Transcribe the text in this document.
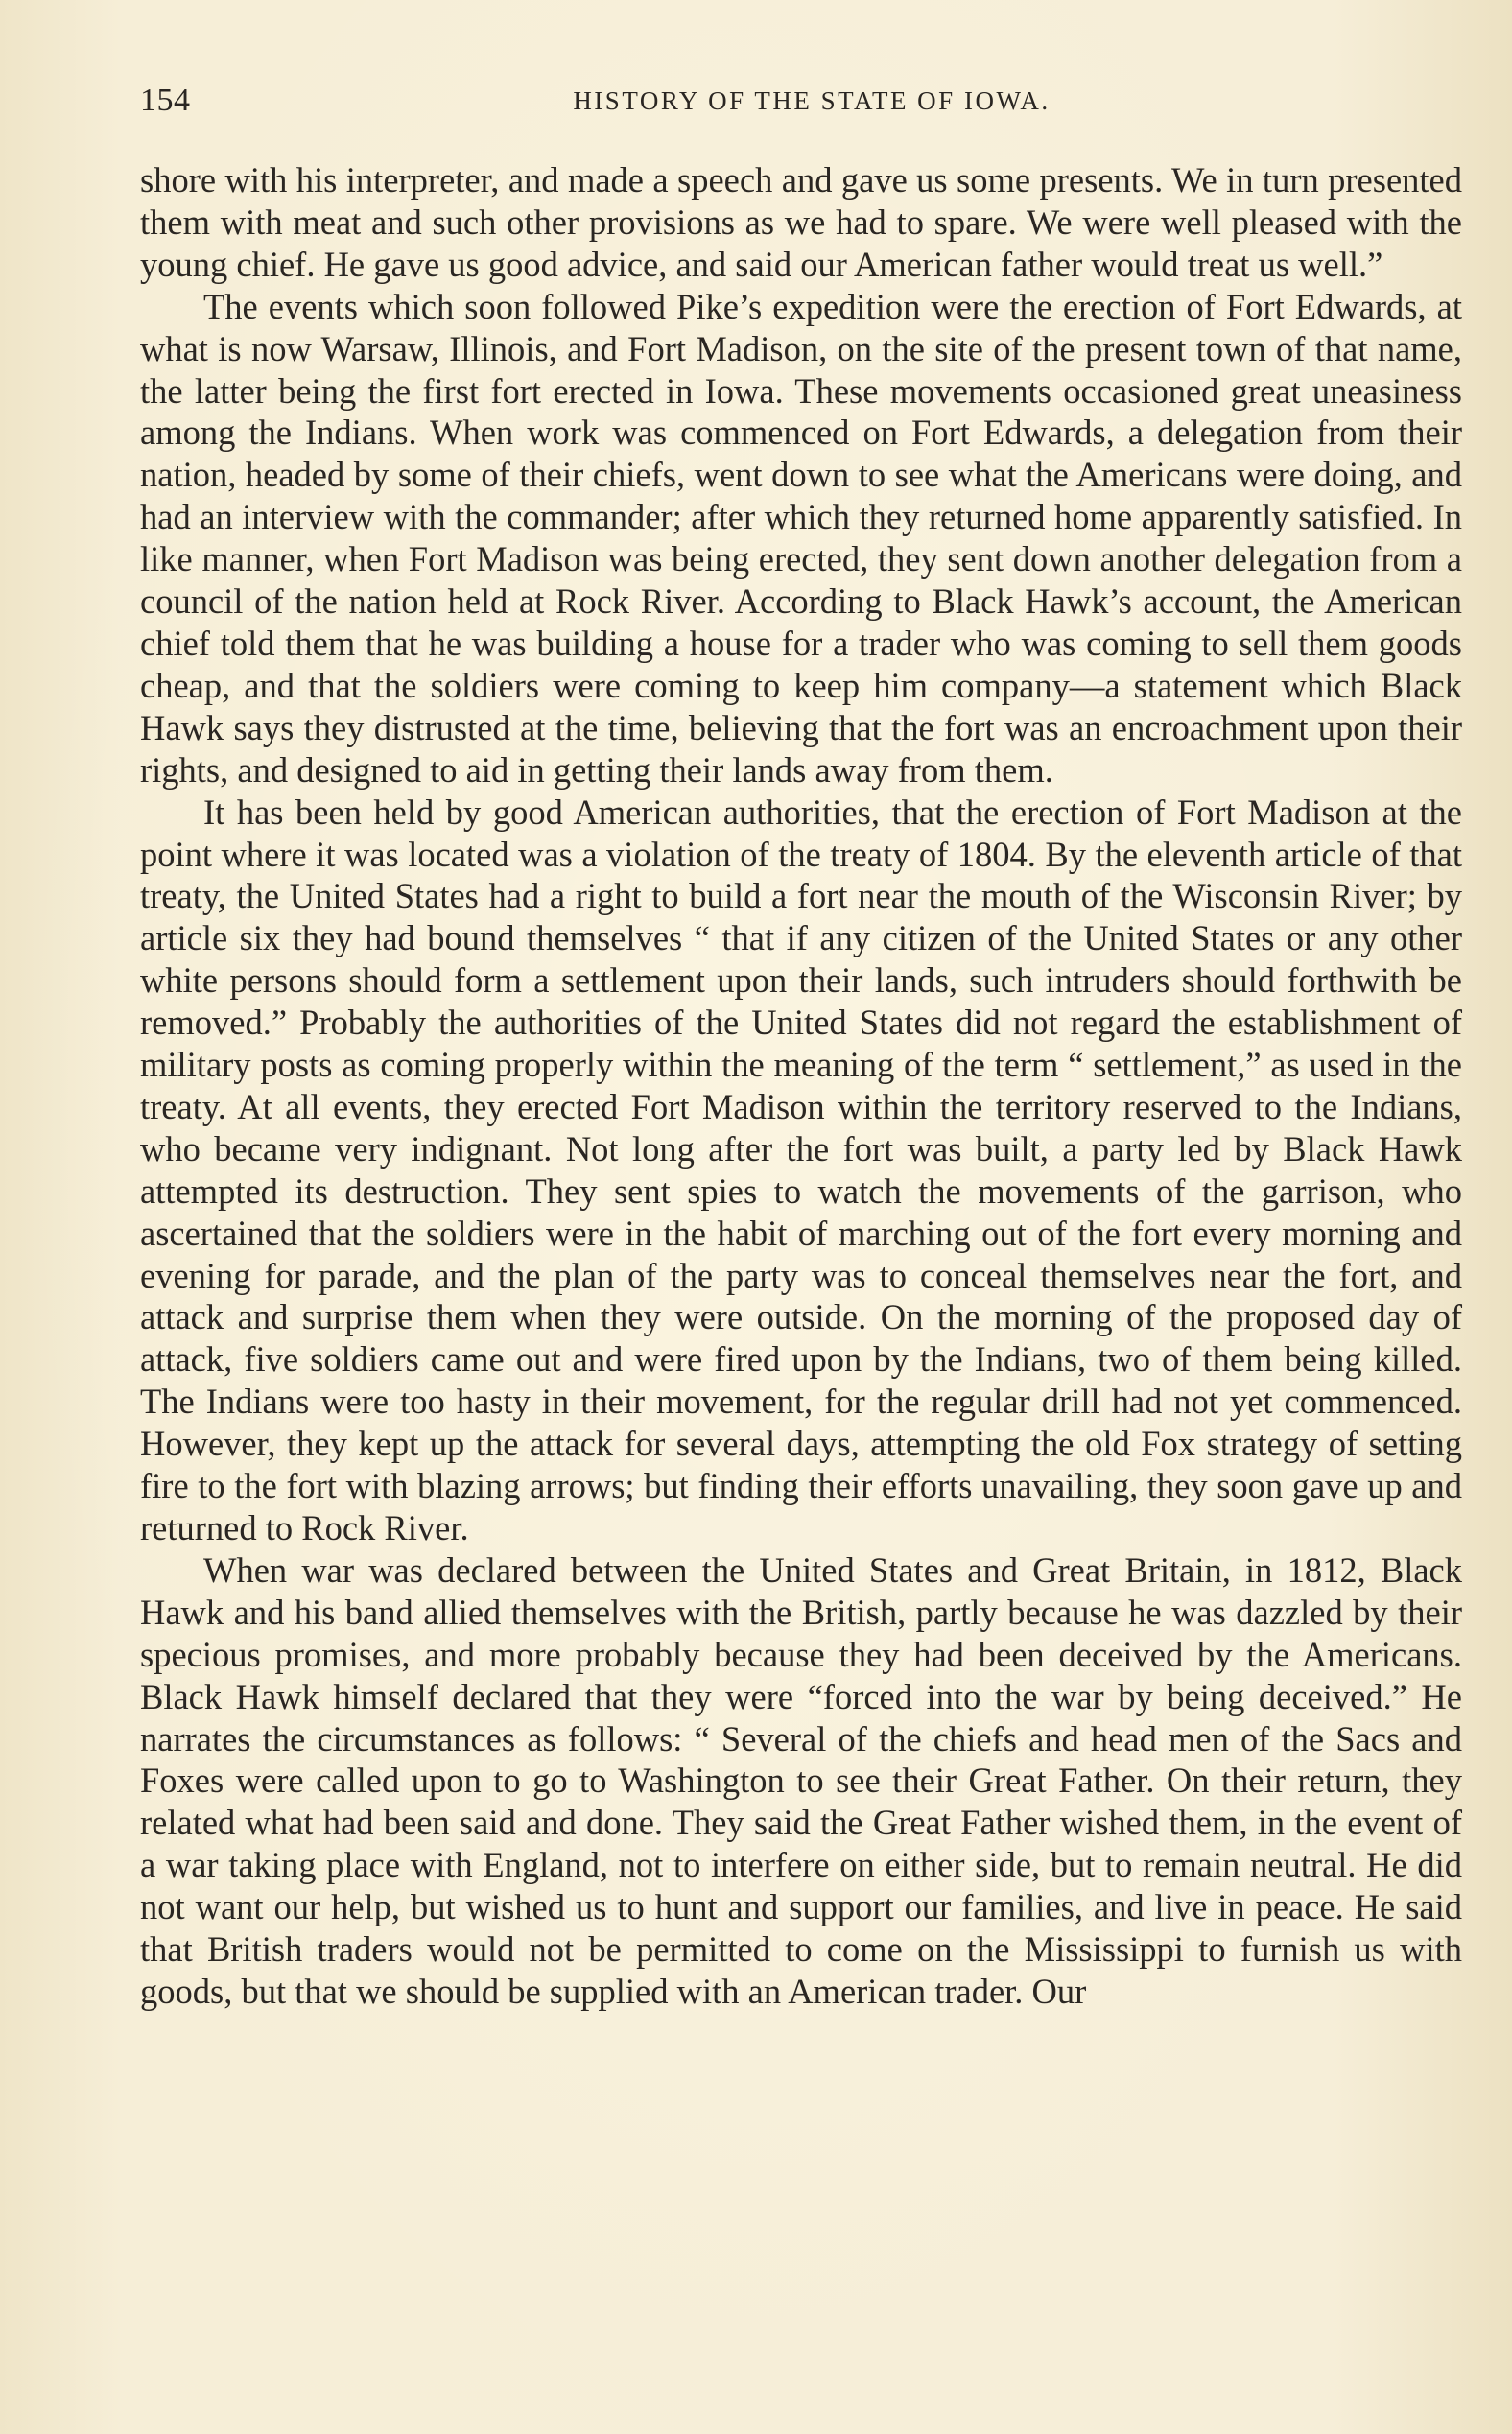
154	HISTORY OF THE STATE OF IOWA.

shore with his interpreter, and made a speech and gave us some presents. We in turn presented them with meat and such other provisions as we had to spare. We were well pleased with the young chief. He gave us good advice, and said our American father would treat us well.”

The events which soon followed Pike’s expedition were the erection of Fort Edwards, at what is now Warsaw, Illinois, and Fort Madison, on the site of the present town of that name, the latter being the first fort erected in Iowa. These movements occasioned great uneasiness among the Indians. When work was commenced on Fort Edwards, a delegation from their nation, headed by some of their chiefs, went down to see what the Americans were doing, and had an interview with the commander; after which they returned home apparently satisfied. In like manner, when Fort Madison was being erected, they sent down another delegation from a council of the nation held at Rock River. According to Black Hawk’s account, the American chief told them that he was building a house for a trader who was coming to sell them goods cheap, and that the soldiers were coming to keep him company—a statement which Black Hawk says they distrusted at the time, believing that the fort was an encroachment upon their rights, and designed to aid in getting their lands away from them.

It has been held by good American authorities, that the erection of Fort Madison at the point where it was located was a violation of the treaty of 1804. By the eleventh article of that treaty, the United States had a right to build a fort near the mouth of the Wisconsin River; by article six they had bound themselves “ that if any citizen of the United States or any other white persons should form a settlement upon their lands, such intruders should forthwith be removed.” Probably the authorities of the United States did not regard the establishment of military posts as coming properly within the meaning of the term “ settlement,” as used in the treaty. At all events, they erected Fort Madison within the territory reserved to the Indians, who became very indignant. Not long after the fort was built, a party led by Black Hawk attempted its destruction. They sent spies to watch the movements of the garrison, who ascertained that the soldiers were in the habit of marching out of the fort every morning and evening for parade, and the plan of the party was to conceal themselves near the fort, and attack and surprise them when they were outside. On the morning of the proposed day of attack, five soldiers came out and were fired upon by the Indians, two of them being killed. The Indians were too hasty in their movement, for the regular drill had not yet commenced. However, they kept up the attack for several days, attempting the old Fox strategy of setting fire to the fort with blazing arrows; but finding their efforts unavailing, they soon gave up and returned to Rock River.

When war was declared between the United States and Great Britain, in 1812, Black Hawk and his band allied themselves with the British, partly because he was dazzled by their specious promises, and more probably because they had been deceived by the Americans. Black Hawk himself declared that they were “forced into the war by being deceived.” He narrates the circumstances as follows: “ Several of the chiefs and head men of the Sacs and Foxes were called upon to go to Washington to see their Great Father. On their return, they related what had been said and done. They said the Great Father wished them, in the event of a war taking place with England, not to interfere on either side, but to remain neutral. He did not want our help, but wished us to hunt and support our families, and live in peace. He said that British traders would not be permitted to come on the Mississippi to furnish us with goods, but that we should be supplied with an American trader. Our
